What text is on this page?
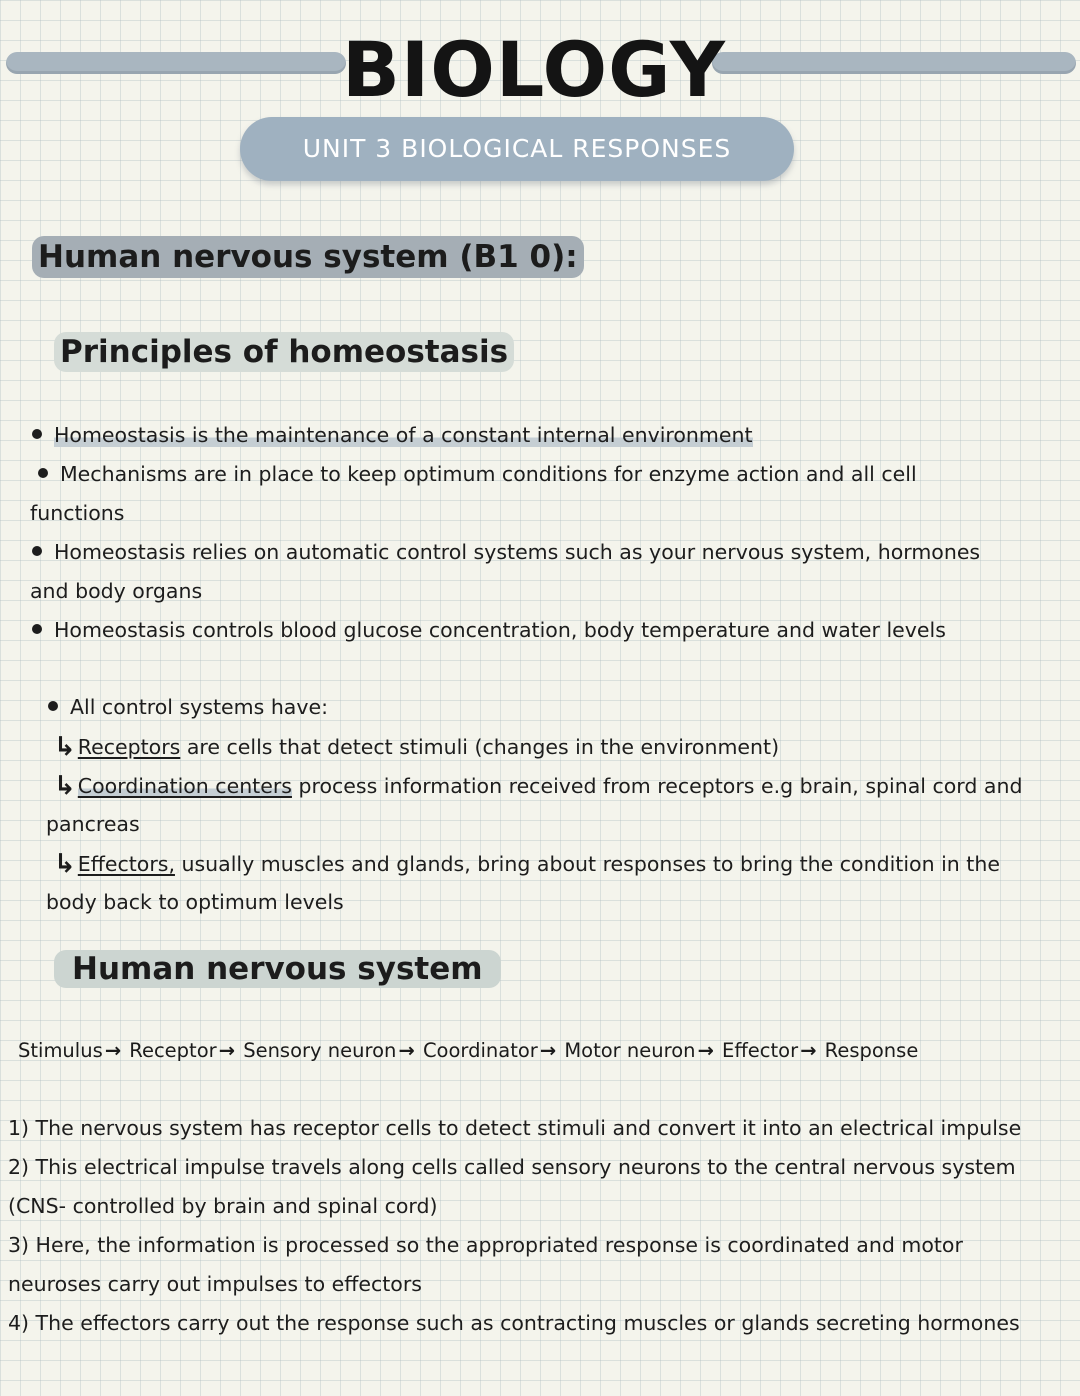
BIOLOGY
UNIT 3 BIOLOGICAL RESPONSES
Human nervous system (B1 0):
Principles of homeostasis
Homeostasis is the maintenance of a constant internal environment
Mechanisms are in place to keep optimum conditions for enzyme action and all cell
functions
Homeostasis relies on automatic control systems such as your nervous system, hormones
and body organs
Homeostasis controls blood glucose concentration, body temperature and water levels
All control systems have:
↳Receptors are cells that detect stimuli (changes in the environment)
↳Coordination centers process information received from receptors e.g brain, spinal cord and
pancreas
↳Effectors, usually muscles and glands, bring about responses to bring the condition in the
body back to optimum levels
Human nervous system
Stimulus → Receptor → Sensory neuron → Coordinator → Motor neuron → Effector → Response
1) The nervous system has receptor cells to detect stimuli and convert it into an electrical impulse
2) This electrical impulse travels along cells called sensory neurons to the central nervous system
(CNS- controlled by brain and spinal cord)
3) Here, the information is processed so the appropriated response is coordinated and motor
neuroses carry out impulses to effectors
4) The effectors carry out the response such as contracting muscles or glands secreting hormones
